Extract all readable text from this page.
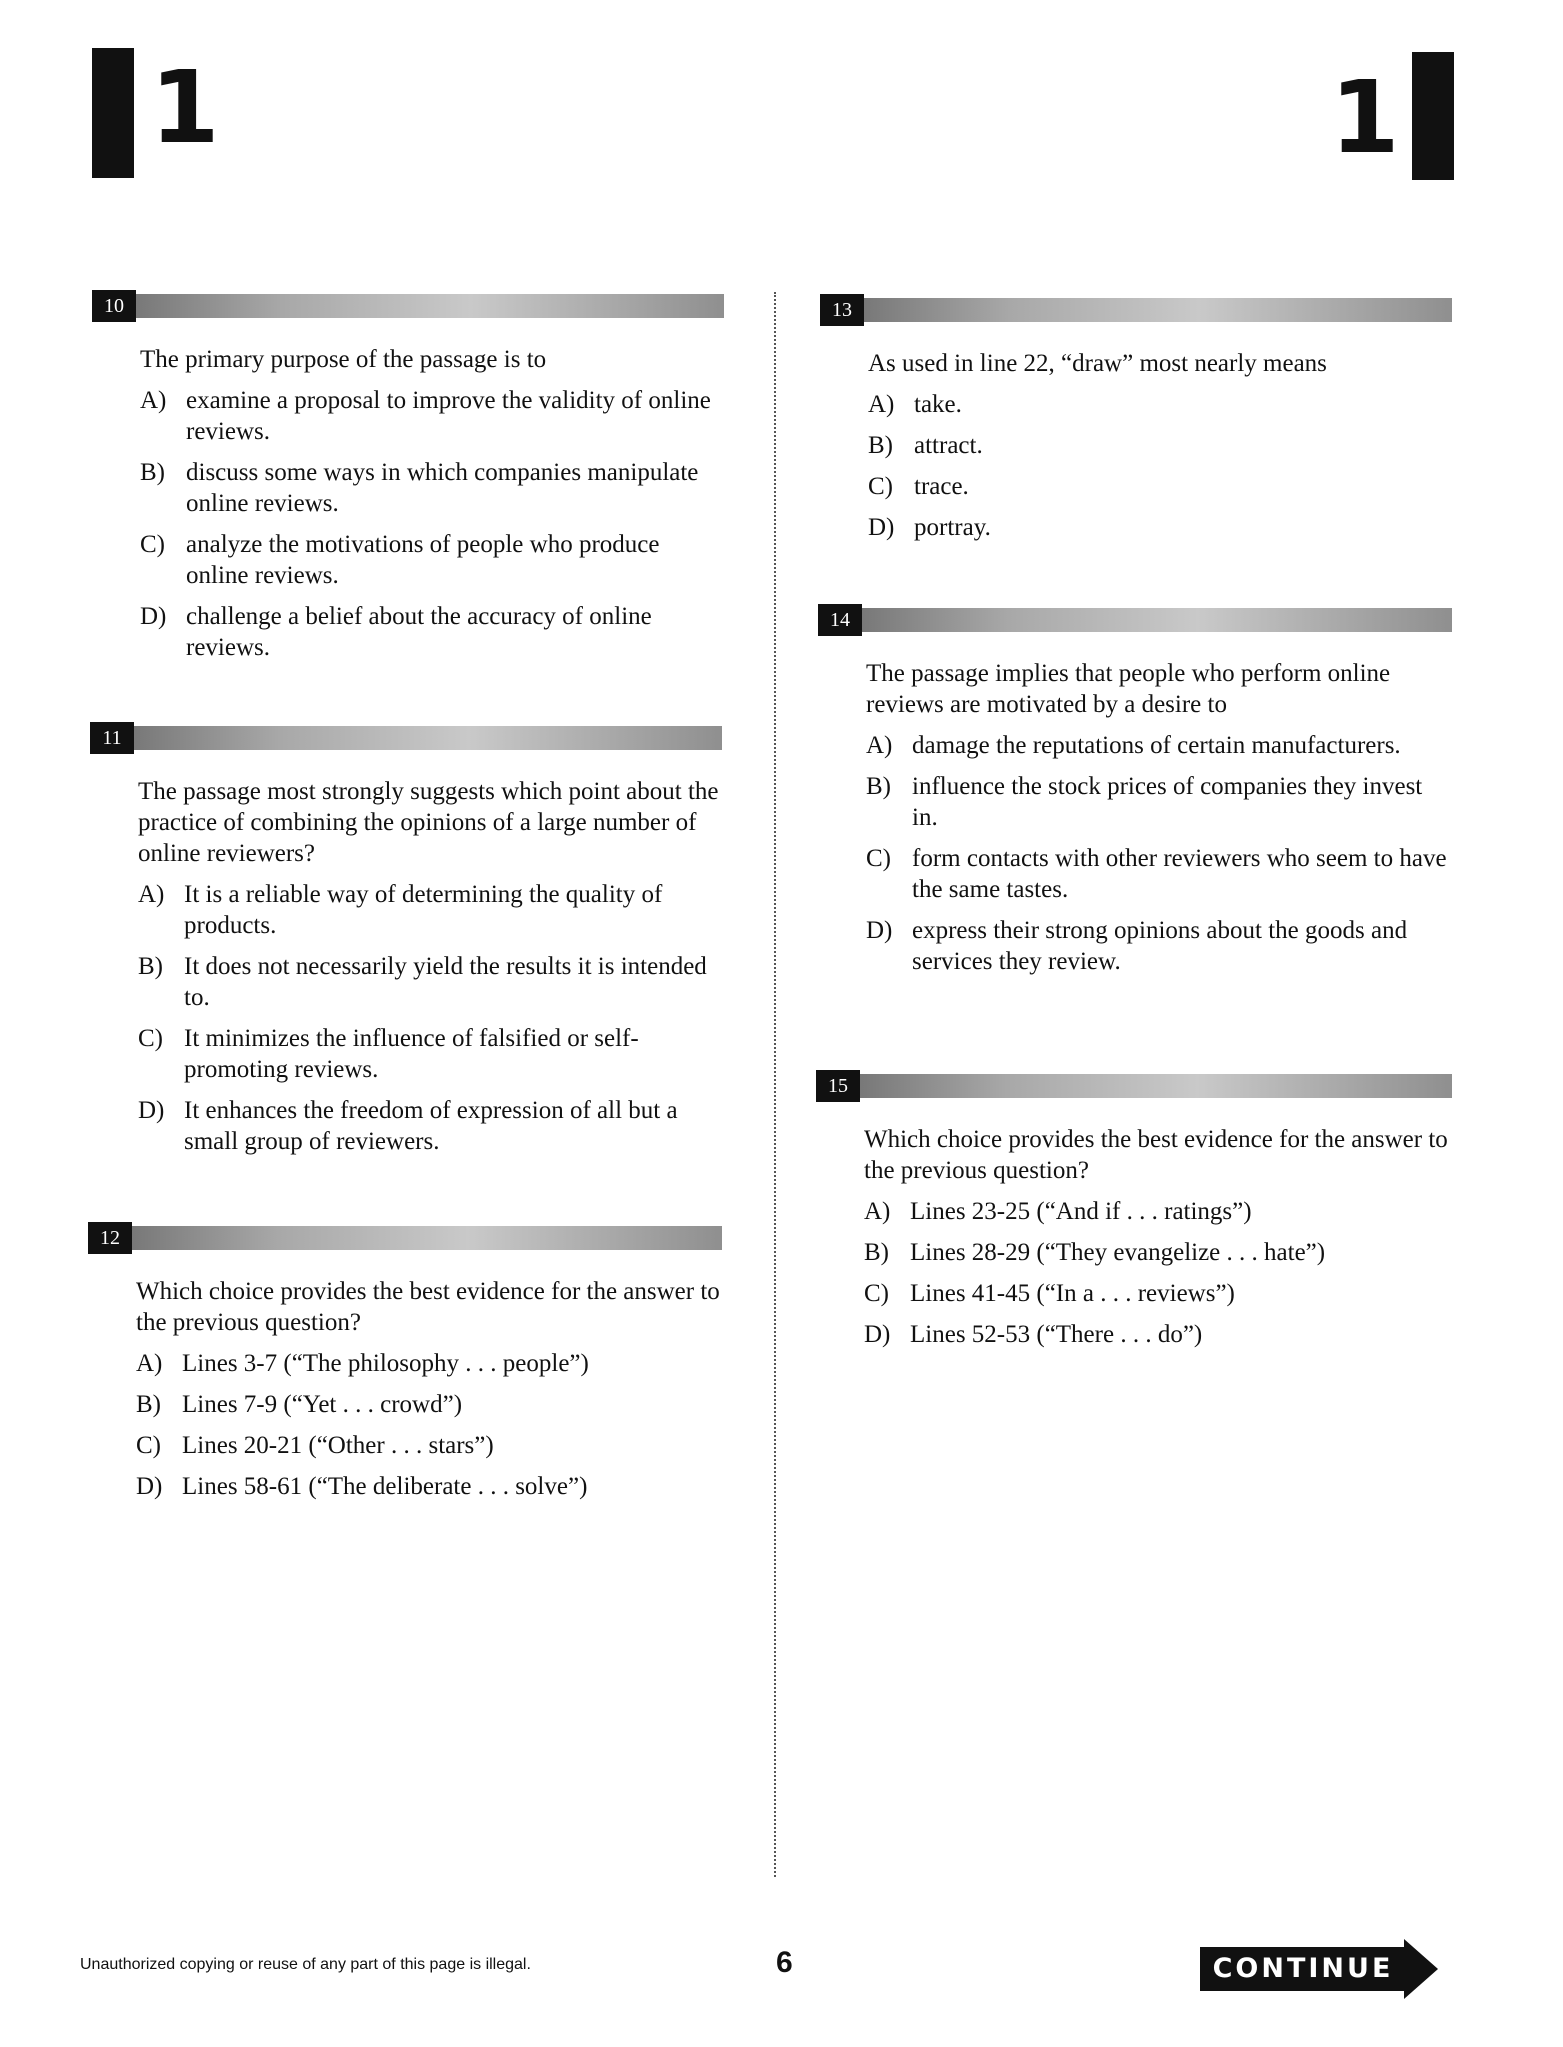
1	1
10
The primary purpose of the passage is to
A) examine a proposal to improve the validity of online reviews.
B) discuss some ways in which companies manipulate online reviews.
C) analyze the motivations of people who produce online reviews.
D) challenge a belief about the accuracy of online reviews.
11
The passage most strongly suggests which point about the practice of combining the opinions of a large number of online reviewers?
A) It is a reliable way of determining the quality of products.
B) It does not necessarily yield the results it is intended to.
C) It minimizes the influence of falsified or self-promoting reviews.
D) It enhances the freedom of expression of all but a small group of reviewers.
12
Which choice provides the best evidence for the answer to the previous question?
A) Lines 3-7 (“The philosophy . . . people”)
B) Lines 7-9 (“Yet . . . crowd”)
C) Lines 20-21 (“Other . . . stars”)
D) Lines 58-61 (“The deliberate . . . solve”)
13
As used in line 22, “draw” most nearly means
A) take.
B) attract.
C) trace.
D) portray.
14
The passage implies that people who perform online reviews are motivated by a desire to
A) damage the reputations of certain manufacturers.
B) influence the stock prices of companies they invest in.
C) form contacts with other reviewers who seem to have the same tastes.
D) express their strong opinions about the goods and services they review.
15
Which choice provides the best evidence for the answer to the previous question?
A) Lines 23-25 (“And if . . . ratings”)
B) Lines 28-29 (“They evangelize . . . hate”)
C) Lines 41-45 (“In a . . . reviews”)
D) Lines 52-53 (“There . . . do”)
Unauthorized copying or reuse of any part of this page is illegal.	6	CONTINUE
